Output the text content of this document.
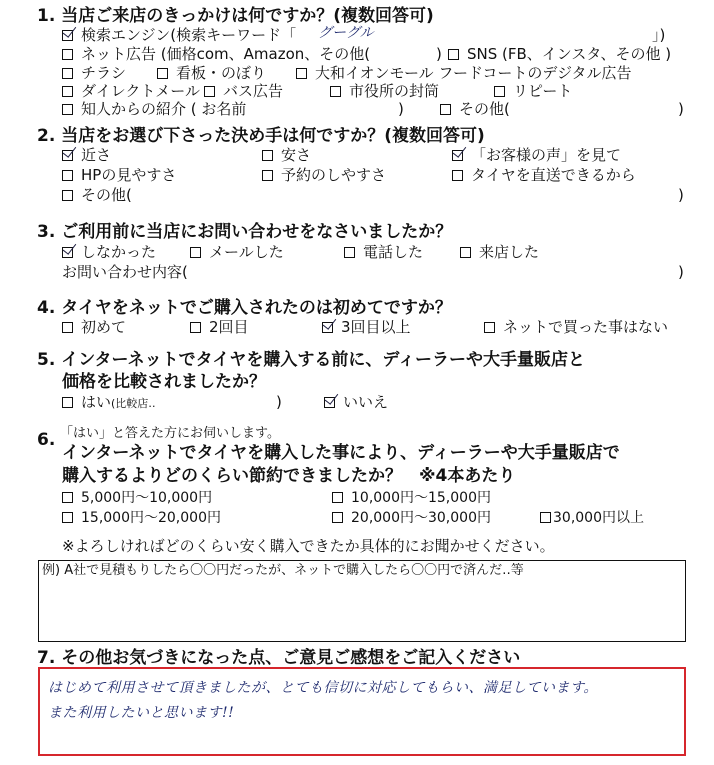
1. 当店ご来店のきっかけは何ですか？(複数回答可)
検索エンジン(検索キーワード「 グーグル	」)
ネット広告 (価格com、Amazon、その他(	)	SNS (FB、インスタ、その他 )
チラシ	看板・のぼり	大和イオンモール フードコートのデジタル広告
ダイレクトメール	バス広告	市役所の封筒	リピート
知人からの紹介 ( お名前	)	その他(	)
2. 当店をお選び下さった決め手は何ですか？(複数回答可)
近さ	安さ	「お客様の声」を見て
HPの見やすさ	予約のしやすさ	タイヤを直送できるから
その他(	)
3. ご利用前に当店にお問い合わせをなさいましたか？
しなかった	メールした	電話した	来店した
お問い合わせ内容(	)
4. タイヤをネットでご購入されたのは初めてですか？
初めて	2回目	3回目以上	ネットで買った事はない
5. インターネットでタイヤを購入する前に、ディーラーや大手量販店と
価格を比較されましたか？
はい(比較店‥	)	いいえ
6. 「はい」と答えた方にお伺いします。
インターネットでタイヤを購入した事により、ディーラーや大手量販店で
購入するよりどのくらい節約できましたか？　※4本あたり
5,000円～10,000円	10,000円～15,000円
15,000円～20,000円	20,000円～30,000円	30,000円以上
※よろしければどのくらい安く購入できたか具体的にお聞かせください。
例) A社で見積もりしたら〇〇円だったが、ネットで購入したら〇〇円で済んだ‥等
7. その他お気づきになった点、ご意見ご感想をご記入ください
はじめて利用させて頂きましたが、とても信切に対応してもらい、満足しています。
また利用したいと思います!!
